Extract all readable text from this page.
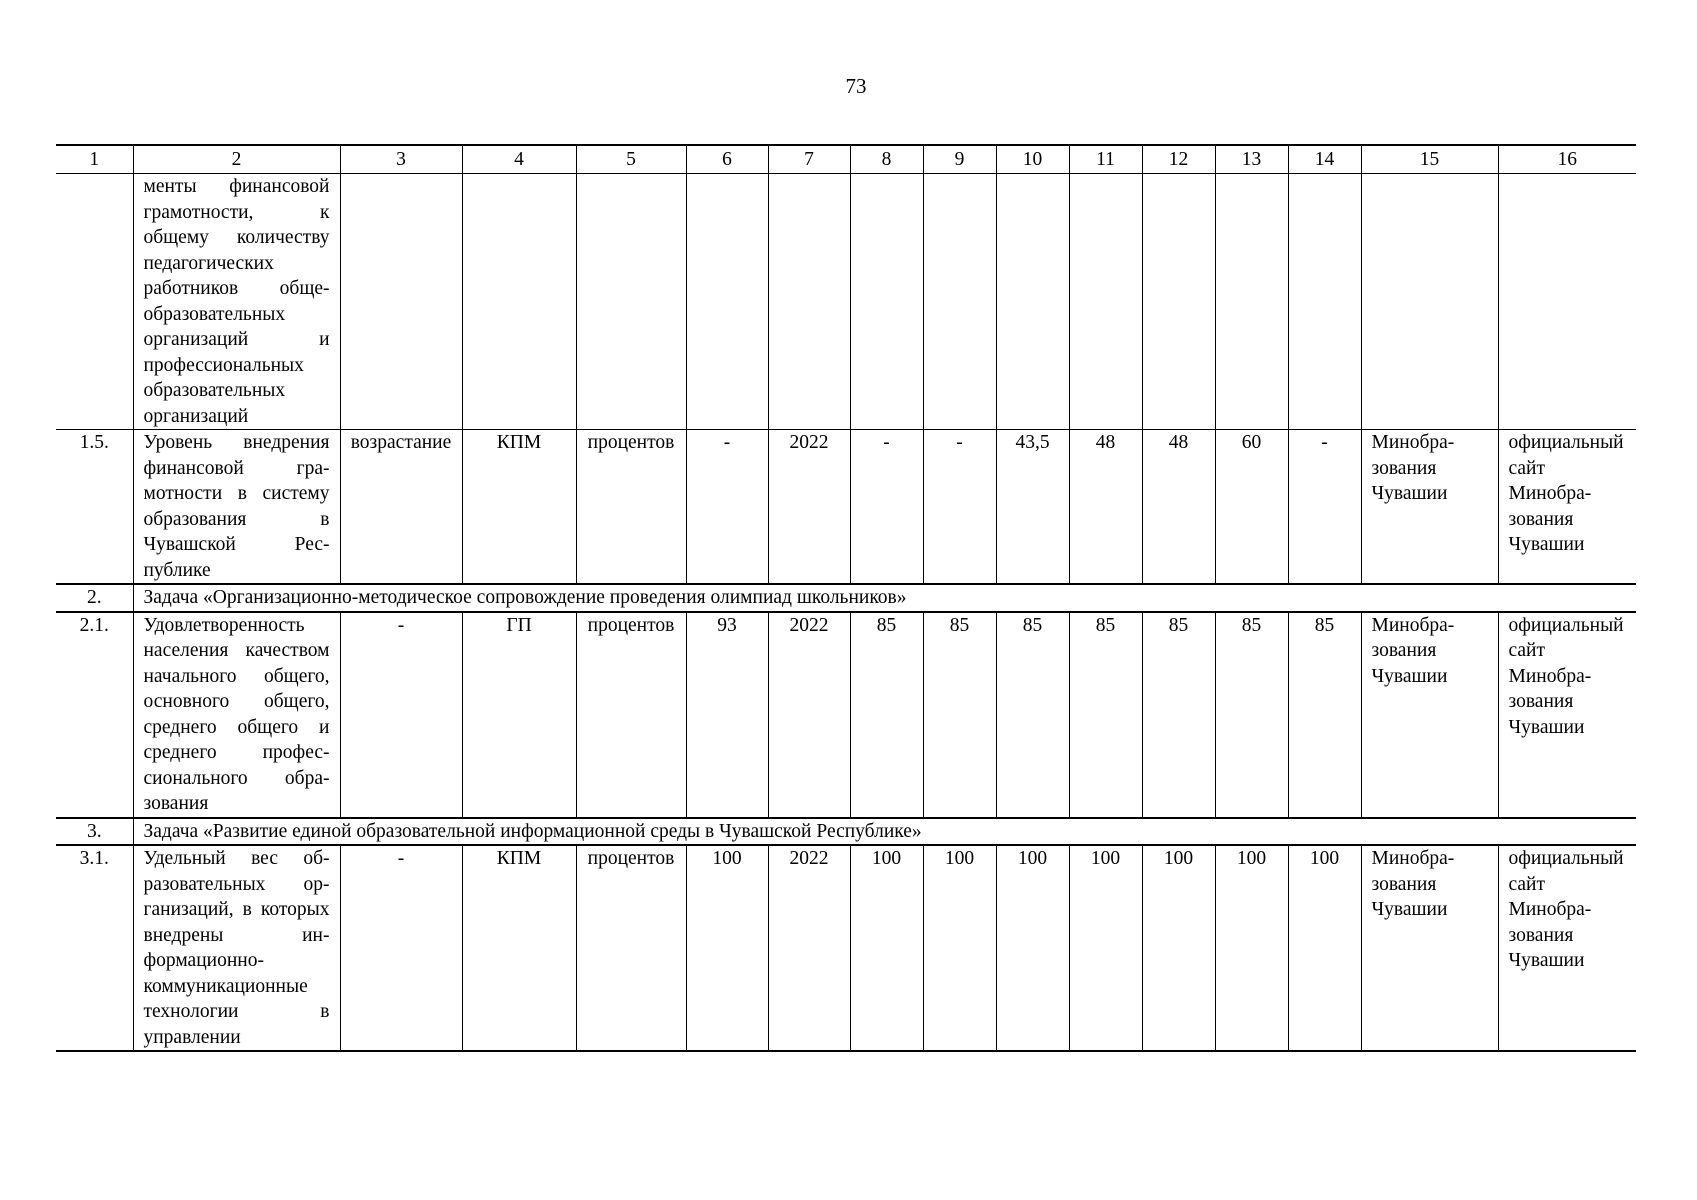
73
1	2	3	4	5	6	7	8	9	10	11	12	13	14	15	16
	менты финансовой грамотности, к общему количеству педагогических работников общеобразовательных организаций и профессиональных образовательных организаций														
1.5.	Уровень внедрения финансовой грамотности в систему образования в Чувашской Республике	возрастание	КПМ	процентов	-	2022	-	-	43,5	48	48	60	-	Минобразования Чувашии	официальный сайт Минобразования Чувашии
2.	Задача «Организационно-методическое сопровождение проведения олимпиад школьников»														
2.1.	Удовлетворенность населения качеством начального общего, основного общего, среднего общего и среднего профессионального образования	-	ГП	процентов	93	2022	85	85	85	85	85	85	85	Минобразования Чувашии	официальный сайт Минобразования Чувашии
3.	Задача «Развитие единой образовательной информационной среды в Чувашской Республике»														
3.1.	Удельный вес образовательных организаций, в которых внедрены информационно-коммуникационные технологии в управлении	-	КПМ	процентов	100	2022	100	100	100	100	100	100	100	Минобразования Чувашии	официальный сайт Минобразования Чувашии
